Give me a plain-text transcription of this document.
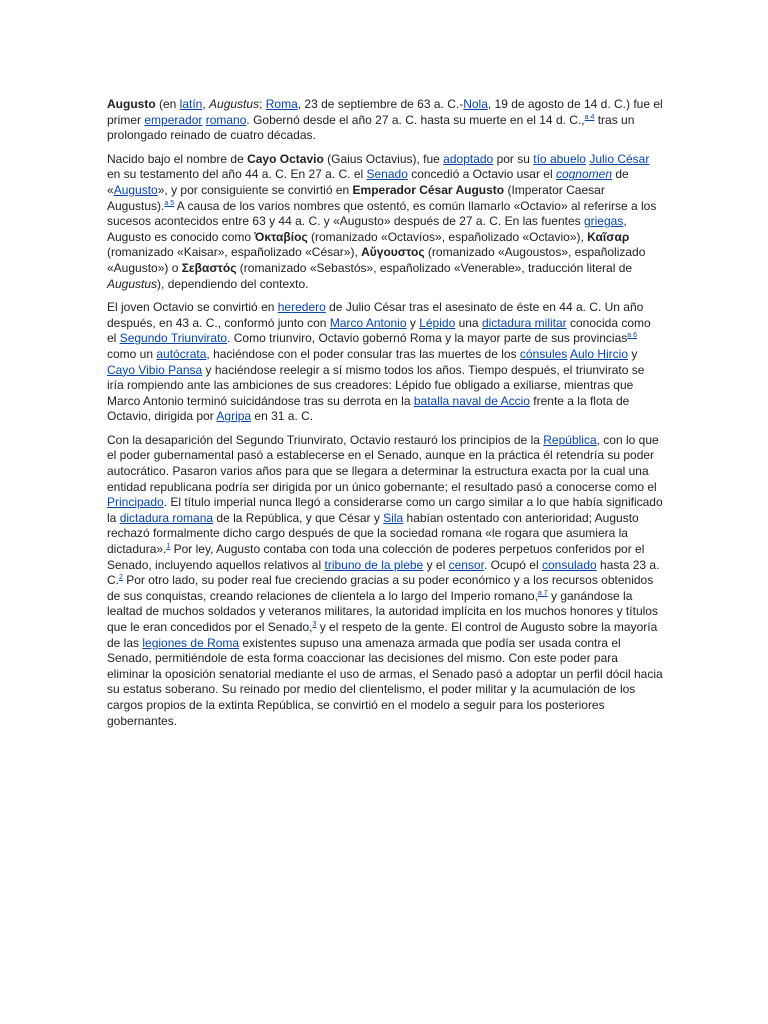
Augusto (en latín, Augustus; Roma, 23 de septiembre de 63 a. C.-Nola, 19 de agosto de 14 d. C.) fue el primer emperador romano. Gobernó desde el año 27 a. C. hasta su muerte en el 14 d. C.,$^{a 4}$ tras un prolongado reinado de cuatro décadas.

Nacido bajo el nombre de Cayo Octavio (Gaius Octavius), fue adoptado por su tío abuelo Julio César en su testamento del año 44 a. C. En 27 a. C. el Senado concedió a Octavio usar el cognomen de «Augusto», y por consiguiente se convirtió en Emperador César Augusto (Imperator Caesar Augustus).$^{a 5}$ A causa de los varios nombres que ostentó, es común llamarlo «Octavio» al referirse a los sucesos acontecidos entre 63 y 44 a. C. y «Augusto» después de 27 a. C. En las fuentes griegas, Augusto es conocido como Ὀκταβίος (romanizado «Octavíos», españolizado «Octavio»), Καῖσαρ (romanizado «Kaisar», españolizado «César»), Αὔγουστος (romanizado «Augoustos», españolizado «Augusto») o Σεβαστός (romanizado «Sebastós», españolizado «Venerable», traducción literal de Augustus), dependiendo del contexto.

El joven Octavio se convirtió en heredero de Julio César tras el asesinato de éste en 44 a. C. Un año después, en 43 a. C., conformó junto con Marco Antonio y Lépido una dictadura militar conocida como el Segundo Triunvirato. Como triunviro, Octavio gobernó Roma y la mayor parte de sus provincias$^{a 6}$ como un autócrata, haciéndose con el poder consular tras las muertes de los cónsules Aulo Hircio y Cayo Vibio Pansa y haciéndose reelegir a sí mismo todos los años. Tiempo después, el triunvirato se iría rompiendo ante las ambiciones de sus creadores: Lépido fue obligado a exiliarse, mientras que Marco Antonio terminó suicidándose tras su derrota en la batalla naval de Accio frente a la flota de Octavio, dirigida por Agripa en 31 a. C.

Con la desaparición del Segundo Triunvirato, Octavio restauró los principios de la República, con lo que el poder gubernamental pasó a establecerse en el Senado, aunque en la práctica él retendría su poder autocrático. Pasaron varios años para que se llegara a determinar la estructura exacta por la cual una entidad republicana podría ser dirigida por un único gobernante; el resultado pasó a conocerse como el Principado. El título imperial nunca llegó a considerarse como un cargo similar a lo que había significado la dictadura romana de la República, y que César y Sila habían ostentado con anterioridad; Augusto rechazó formalmente dicho cargo después de que la sociedad romana «le rogara que asumiera la dictadura».$^1$ Por ley, Augusto contaba con toda una colección de poderes perpetuos conferidos por el Senado, incluyendo aquellos relativos al tribuno de la plebe y el censor. Ocupó el consulado hasta 23 a. C.$^2$ Por otro lado, su poder real fue creciendo gracias a su poder económico y a los recursos obtenidos de sus conquistas, creando relaciones de clientela a lo largo del Imperio romano,$^{a 7}$ y ganándose la lealtad de muchos soldados y veteranos militares, la autoridad implícita en los muchos honores y títulos que le eran concedidos por el Senado,$^3$ y el respeto de la gente. El control de Augusto sobre la mayoría de las legiones de Roma existentes supuso una amenaza armada que podía ser usada contra el Senado, permitiéndole de esta forma coaccionar las decisiones del mismo. Con este poder para eliminar la oposición senatorial mediante el uso de armas, el Senado pasó a adoptar un perfil dócil hacia su estatus soberano. Su reinado por medio del clientelismo, el poder militar y la acumulación de los cargos propios de la extinta República, se convirtió en el modelo a seguir para los posteriores gobernantes.
